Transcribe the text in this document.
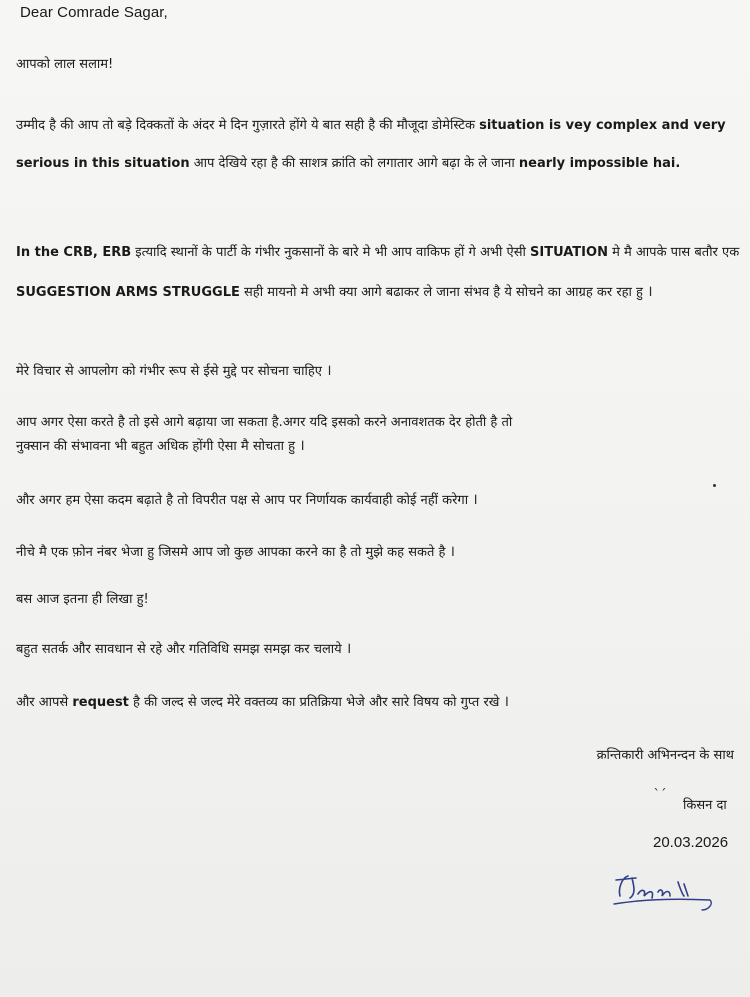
Dear Comrade Sagar,
आपको लाल सलाम!
उम्मीद है की आप तो बड़े दिक्कतों के अंदर मे दिन गुज़ारते होंगे ये बात सही है की मौजूदा डोमेस्टिक situation is vey complex and very serious in this situation आप देखिये रहा है की साशत्र क्रांति को लगातार आगे बढ़ा के ले जाना nearly impossible hai.
In the CRB, ERB इत्यादि स्थानों के पार्टी के गंभीर नुकसानों के बारे मे भी आप वाकिफ हों गे अभी ऐसी SITUATION मे मै आपके पास बतौर एक SUGGESTION ARMS STRUGGLE सही मायनो मे अभी क्या आगे बढाकर ले जाना संभव है ये सोचने का आग्रह कर रहा हु ।
मेरे विचार से आपलोग को गंभीर रूप से ईसे मुद्दे पर सोचना चाहिए ।
आप अगर ऐसा करते है तो इसे आगे बढ़ाया जा सकता है.अगर यदि इसको करने अनावशतक देर होती है तो
नुक्सान की संभावना भी बहुत अधिक होंगी ऐसा मै सोचता हु ।
और अगर हम ऐसा कदम बढ़ाते है तो विपरीत पक्ष से आप पर निर्णायक कार्यवाही कोई नहीं करेगा ।
नीचे मै एक फ़ोन नंबर भेजा हु जिसमे आप जो कुछ आपका करने का है तो मुझे कह सकते है ।
बस आज इतना ही लिखा हु!
बहुत सतर्क और सावधान से रहे और गतिविधि समझ समझ कर चलाये ।
और आपसे request है की जल्द से जल्द मेरे वक्तव्य का प्रतिक्रिया भेजे और सारे विषय को गुप्त रखे ।
क्रन्तिकारी अभिनन्दन के साथ
̀ˊ
किसन दा
20.03.2026
